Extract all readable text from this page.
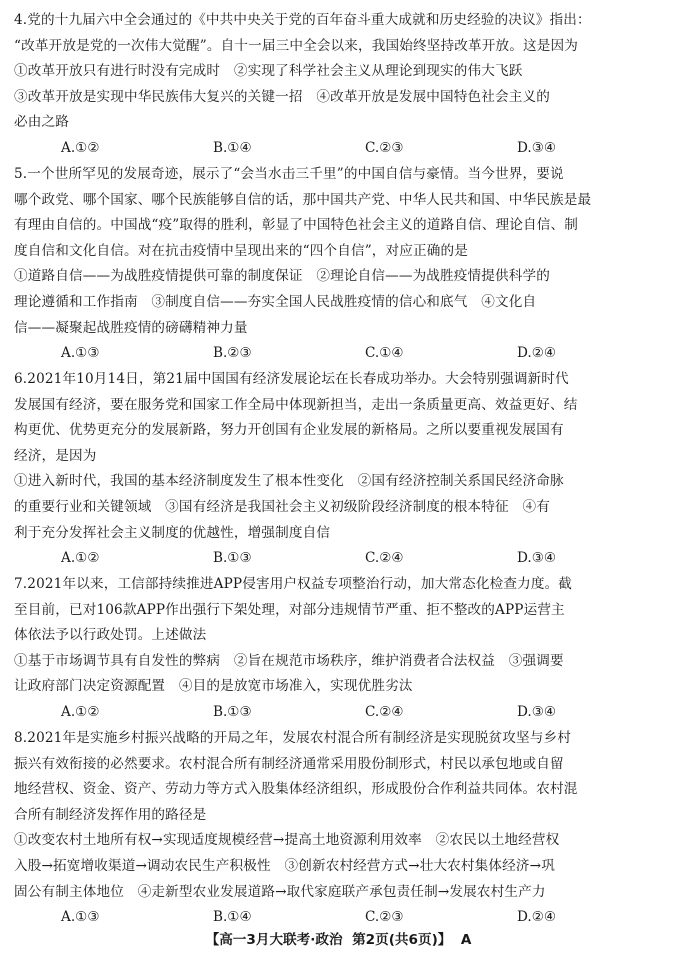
4.党的十九届六中全会通过的《中共中央关于党的百年奋斗重大成就和历史经验的决议》指出：
“改革开放是党的一次伟大觉醒”。自十一届三中全会以来，我国始终坚持改革开放。这是因为
①改革开放只有进行时没有完成时　②实现了科学社会主义从理论到现实的伟大飞跃
③改革开放是实现中华民族伟大复兴的关键一招　④改革开放是发展中国特色社会主义的
必由之路
A.①②	B.①④	C.②③	D.③④
5.一个世所罕见的发展奇迹，展示了“会当水击三千里”的中国自信与豪情。当今世界，要说
哪个政党、哪个国家、哪个民族能够自信的话，那中国共产党、中华人民共和国、中华民族是最
有理由自信的。中国战“疫”取得的胜利，彰显了中国特色社会主义的道路自信、理论自信、制
度自信和文化自信。对在抗击疫情中呈现出来的“四个自信”，对应正确的是
①道路自信——为战胜疫情提供可靠的制度保证　②理论自信——为战胜疫情提供科学的
理论遵循和工作指南　③制度自信——夯实全国人民战胜疫情的信心和底气　④文化自
信——凝聚起战胜疫情的磅礴精神力量
A.①③	B.②③	C.①④	D.②④
6.2021年10月14日，第21届中国国有经济发展论坛在长春成功举办。大会特别强调新时代
发展国有经济，要在服务党和国家工作全局中体现新担当，走出一条质量更高、效益更好、结
构更优、优势更充分的发展新路，努力开创国有企业发展的新格局。之所以要重视发展国有
经济，是因为
①进入新时代，我国的基本经济制度发生了根本性变化　②国有经济控制关系国民经济命脉
的重要行业和关键领域　③国有经济是我国社会主义初级阶段经济制度的根本特征　④有
利于充分发挥社会主义制度的优越性，增强制度自信
A.①②	B.①③	C.②④	D.③④
7.2021年以来，工信部持续推进APP侵害用户权益专项整治行动，加大常态化检查力度。截
至目前，已对106款APP作出强行下架处理，对部分违规情节严重、拒不整改的APP运营主
体依法予以行政处罚。上述做法
①基于市场调节具有自发性的弊病　②旨在规范市场秩序，维护消费者合法权益　③强调要
让政府部门决定资源配置　④目的是放宽市场准入，实现优胜劣汰
A.①②	B.①③	C.②④	D.③④
8.2021年是实施乡村振兴战略的开局之年，发展农村混合所有制经济是实现脱贫攻坚与乡村
振兴有效衔接的必然要求。农村混合所有制经济通常采用股份制形式，村民以承包地或自留
地经营权、资金、资产、劳动力等方式入股集体经济组织，形成股份合作利益共同体。农村混
合所有制经济发挥作用的路径是
①改变农村土地所有权→实现适度规模经营→提高土地资源利用效率　②农民以土地经营权
入股→拓宽增收渠道→调动农民生产积极性　③创新农村经营方式→壮大农村集体经济→巩
固公有制主体地位　④走新型农业发展道路→取代家庭联产承包责任制→发展农村生产力
A.①③	B.①④	C.②③	D.②④
【高一3月大联考·政治 第2页(共6页)】 A
